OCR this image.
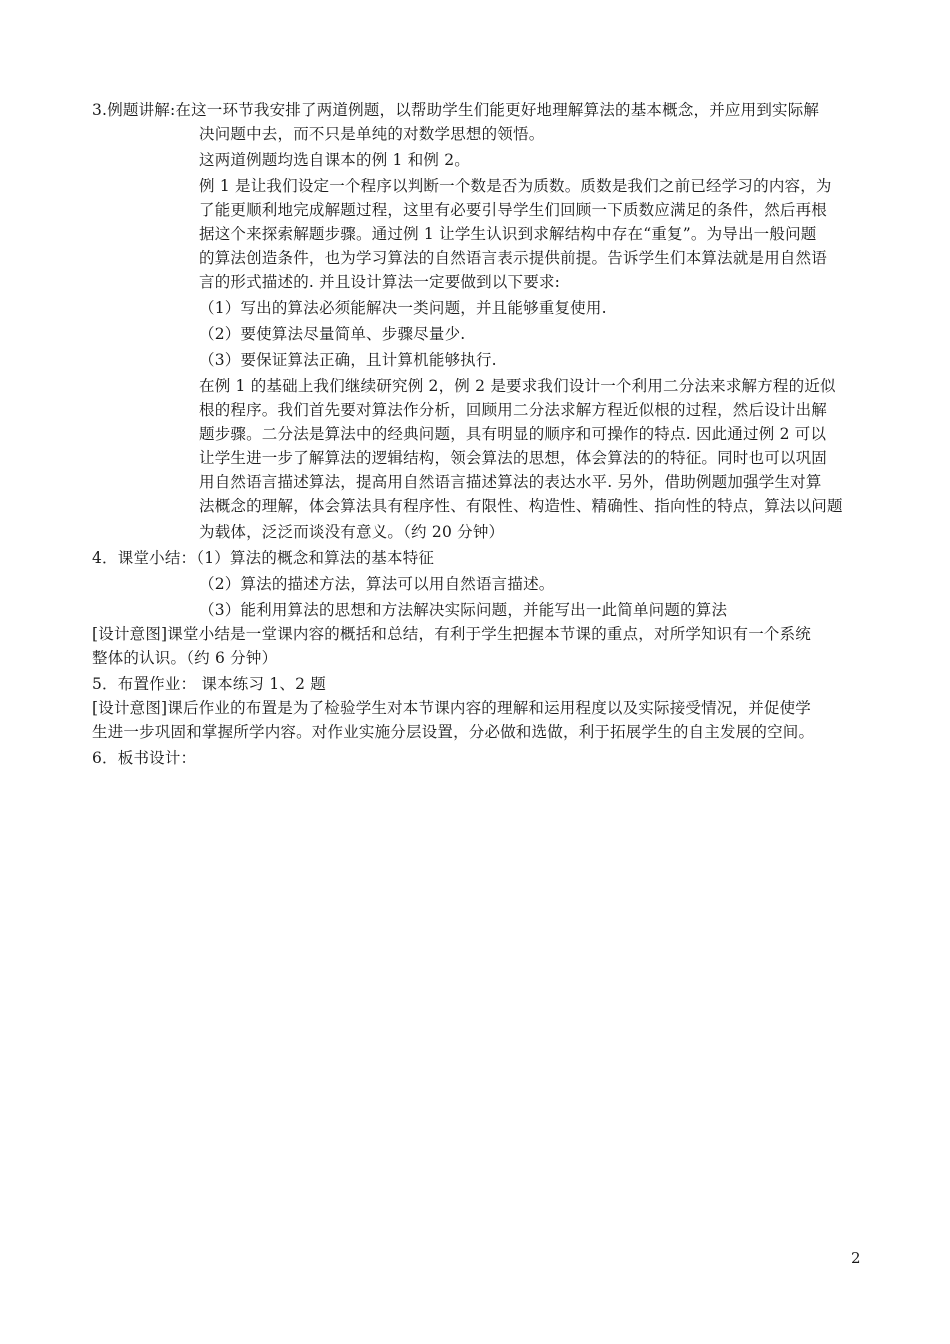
3.例题讲解:在这一环节我安排了两道例题，以帮助学生们能更好地理解算法的基本概念，并应用到实际解
决问题中去，而不只是单纯的对数学思想的领悟。
这两道例题均选自课本的例 1 和例 2。
例 1 是让我们设定一个程序以判断一个数是否为质数。质数是我们之前已经学习的内容，为
了能更顺利地完成解题过程，这里有必要引导学生们回顾一下质数应满足的条件，然后再根
据这个来探索解题步骤。通过例 1 让学生认识到求解结构中存在“重复”。为导出一般问题
的算法创造条件，也为学习算法的自然语言表示提供前提。告诉学生们本算法就是用自然语
言的形式描述的. 并且设计算法一定要做到以下要求:
（1）写出的算法必须能解决一类问题，并且能够重复使用.
（2）要使算法尽量简单、步骤尽量少.
（3）要保证算法正确，且计算机能够执行.
在例 1 的基础上我们继续研究例 2，例 2 是要求我们设计一个利用二分法来求解方程的近似
根的程序。我们首先要对算法作分析，回顾用二分法求解方程近似根的过程，然后设计出解
题步骤。二分法是算法中的经典问题，具有明显的顺序和可操作的特点. 因此通过例 2 可以
让学生进一步了解算法的逻辑结构，领会算法的思想，体会算法的的特征。同时也可以巩固
用自然语言描述算法，提高用自然语言描述算法的表达水平. 另外，借助例题加强学生对算
法概念的理解，体会算法具有程序性、有限性、构造性、精确性、指向性的特点，算法以问题
为载体，泛泛而谈没有意义。（约 20 分钟）
4．课堂小结：（1）算法的概念和算法的基本特征
（2）算法的描述方法，算法可以用自然语言描述。
（3）能利用算法的思想和方法解决实际问题，并能写出一此简单问题的算法
[设计意图]课堂小结是一堂课内容的概括和总结，有利于学生把握本节课的重点，对所学知识有一个系统
整体的认识。（约 6 分钟）
5．布置作业： 课本练习 1、2 题
[设计意图]课后作业的布置是为了检验学生对本节课内容的理解和运用程度以及实际接受情况，并促使学
生进一步巩固和掌握所学内容。对作业实施分层设置，分必做和选做，利于拓展学生的自主发展的空间。
6．板书设计：
2
